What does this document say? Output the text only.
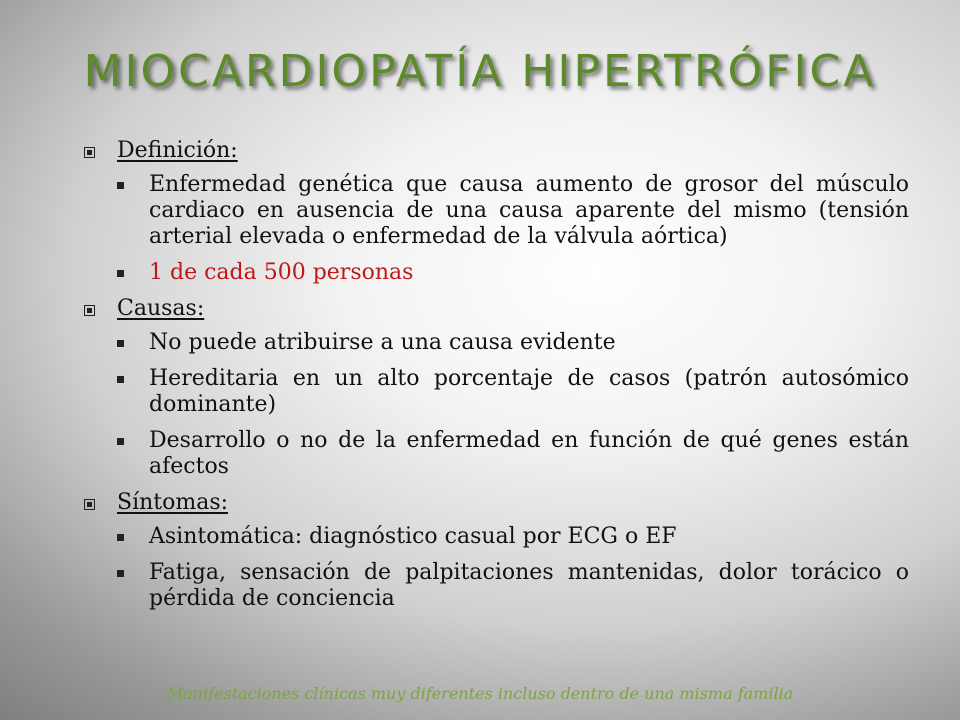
MIOCARDIOPATÍA HIPERTRÓFICA
Definición:
Enfermedad genética que causa aumento de grosor del músculo cardiaco en ausencia de una causa aparente del mismo (tensión arterial elevada o enfermedad de la válvula aórtica)
1 de cada 500 personas
Causas:
No puede atribuirse a una causa evidente
Hereditaria en un alto porcentaje de casos (patrón autosómico dominante)
Desarrollo o no de la enfermedad en función de qué genes están afectos
Síntomas:
Asintomática: diagnóstico casual por ECG o EF
Fatiga, sensación de palpitaciones mantenidas, dolor torácico o pérdida de conciencia
Manifestaciones clínicas muy diferentes incluso dentro de una misma familia
